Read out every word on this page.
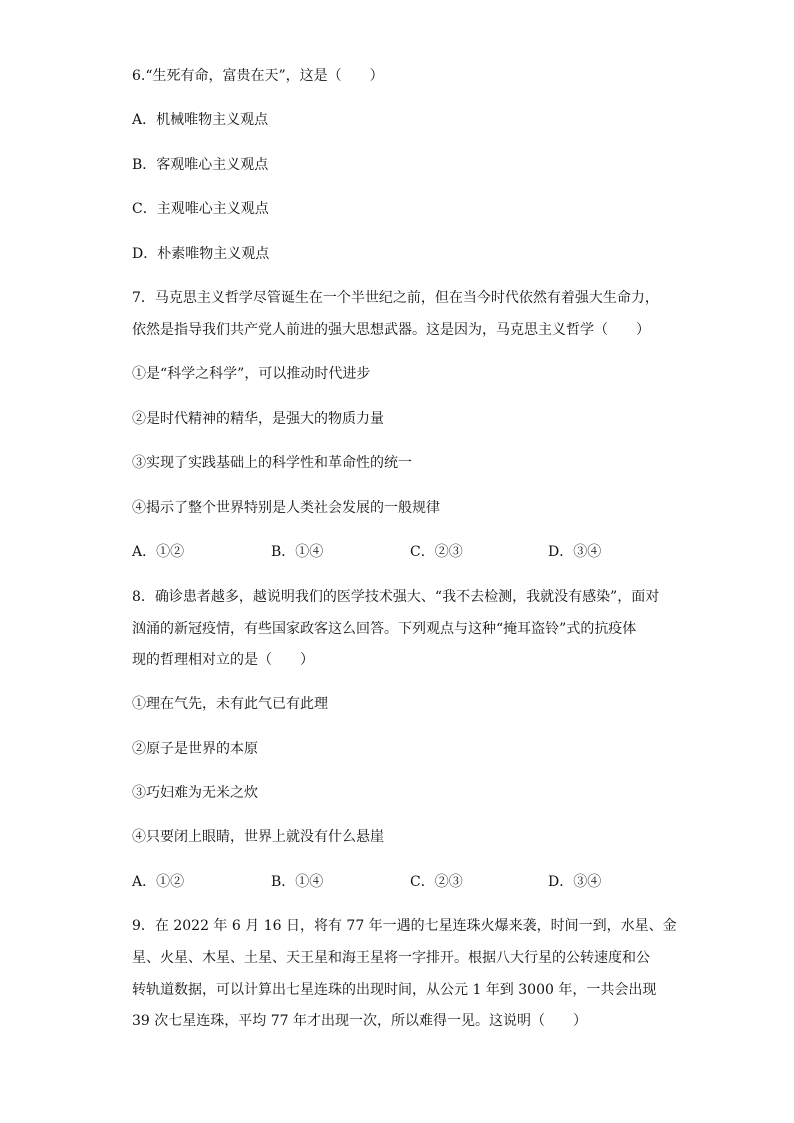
6.“生死有命，富贵在天”，这是（　　）
A．机械唯物主义观点
B．客观唯心主义观点
C．主观唯心主义观点
D．朴素唯物主义观点
7．马克思主义哲学尽管诞生在一个半世纪之前，但在当今时代依然有着强大生命力，
依然是指导我们共产党人前进的强大思想武器。这是因为，马克思主义哲学（　　）
①是“科学之科学”，可以推动时代进步
②是时代精神的精华，是强大的物质力量
③实现了实践基础上的科学性和革命性的统一
④揭示了整个世界特别是人类社会发展的一般规律
A．①②	B．①④	C．②③	D．③④
8．确诊患者越多，越说明我们的医学技术强大、“我不去检测，我就没有感染”，面对
汹涌的新冠疫情，有些国家政客这么回答。下列观点与这种“掩耳盗铃”式的抗疫体
现的哲理相对立的是（　　）
①理在气先，未有此气已有此理
②原子是世界的本原
③巧妇难为无米之炊
④只要闭上眼睛，世界上就没有什么悬崖
A．①②	B．①④	C．②③	D．③④
9．在 2022 年 6 月 16 日，将有 77 年一遇的七星连珠火爆来袭，时间一到，水星、金
星、火星、木星、土星、天王星和海王星将一字排开。根据八大行星的公转速度和公
转轨道数据，可以计算出七星连珠的出现时间，从公元 1 年到 3000 年，一共会出现
39 次七星连珠，平均 77 年才出现一次，所以难得一见。这说明（　　）
